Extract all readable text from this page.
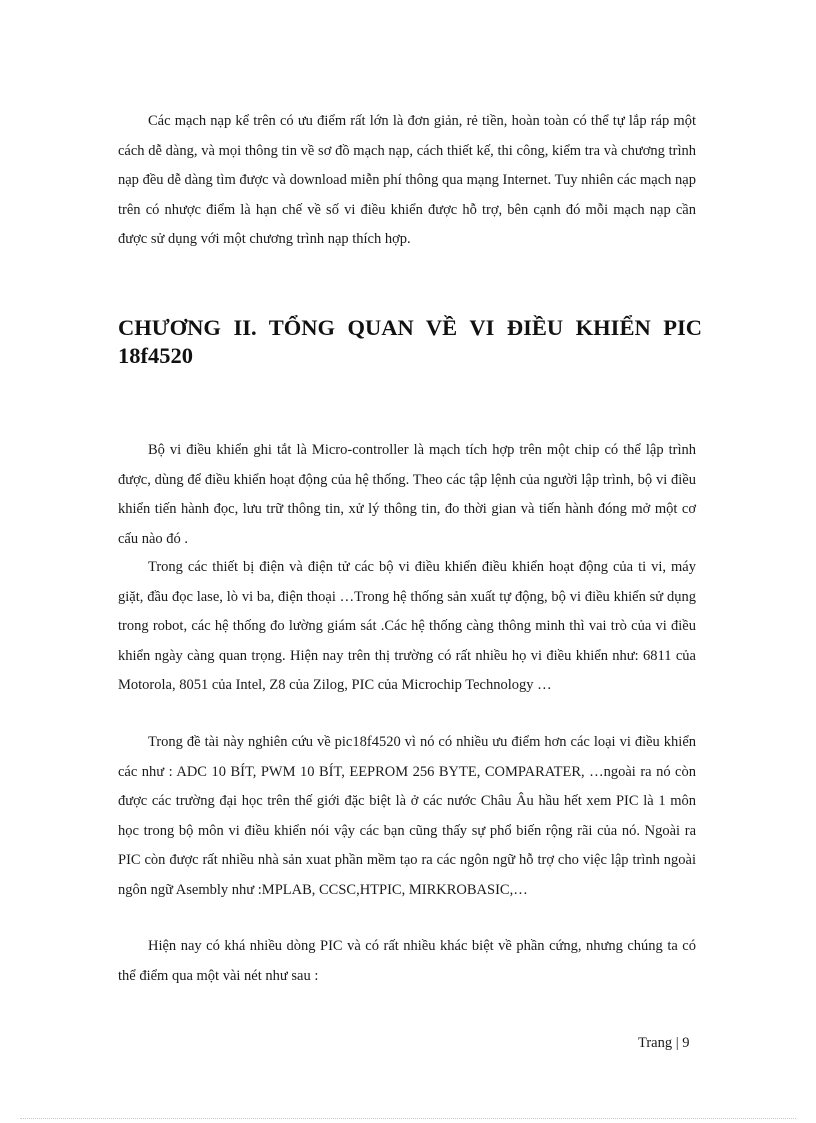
Các mạch nạp kể trên có ưu điểm rất lớn là đơn giản, rẻ tiền, hoàn toàn có thể tự lắp ráp một cách dễ dàng, và mọi thông tin về sơ đồ mạch nạp, cách thiết kế, thi công, kiểm tra và chương trình nạp đều dễ dàng tìm được và download miễn phí thông qua mạng Internet. Tuy nhiên các mạch nạp trên có nhược điểm là hạn chế về số vi điều khiển được hỗ trợ, bên cạnh đó mỗi mạch nạp cần được sử dụng với một chương trình nạp thích hợp.

CHƯƠNG II. TỔNG QUAN VỀ VI ĐIỀU KHIỂN PIC 18f4520

Bộ vi điều khiển ghi tắt là Micro-controller là mạch tích hợp trên một chip có thể lập trình được, dùng để điều khiển hoạt động của hệ thống. Theo các tập lệnh của người lập trình, bộ vi điều khiển tiến hành đọc, lưu trữ thông tin, xử lý thông tin, đo thời gian và tiến hành đóng mở một cơ cấu nào đó .

Trong các thiết bị điện và điện tử các bộ vi điều khiển điều khiển hoạt động của ti vi, máy giặt, đầu đọc lase, lò vi ba, điện thoại …Trong hệ thống sản xuất tự động, bộ vi điều khiển sử dụng trong robot, các hệ thống đo lường giám sát .Các hệ thống càng thông minh thì vai trò của vi điều khiển ngày càng quan trọng. Hiện nay trên thị trường có rất nhiều họ vi điều khiển như: 6811 của Motorola, 8051 của Intel, Z8 của Zilog, PIC của Microchip Technology …

Trong đề tài này nghiên cứu về pic18f4520 vì nó có nhiều ưu điểm hơn các loại vi điều khiển các như : ADC 10 BÍT, PWM 10 BÍT, EEPROM 256 BYTE, COMPARATER, …ngoài ra nó còn được các trường đại học trên thế giới đặc biệt là ở các nước Châu Âu hầu hết xem PIC là 1 môn học trong bộ môn vi điều khiển nói vậy các bạn cũng thấy sự phổ biến rộng rãi của nó. Ngoài ra PIC còn được rất nhiều nhà sản xuat phần mềm tạo ra các ngôn ngữ hỗ trợ cho việc lập trình ngoài ngôn ngữ Asembly như :MPLAB, CCSC,HTPIC, MIRKROBASIC,…

Hiện nay có khá nhiều dòng PIC và có rất nhiều khác biệt về phần cứng, nhưng chúng ta có thể điểm qua một vài nét như sau :

Trang | 9
